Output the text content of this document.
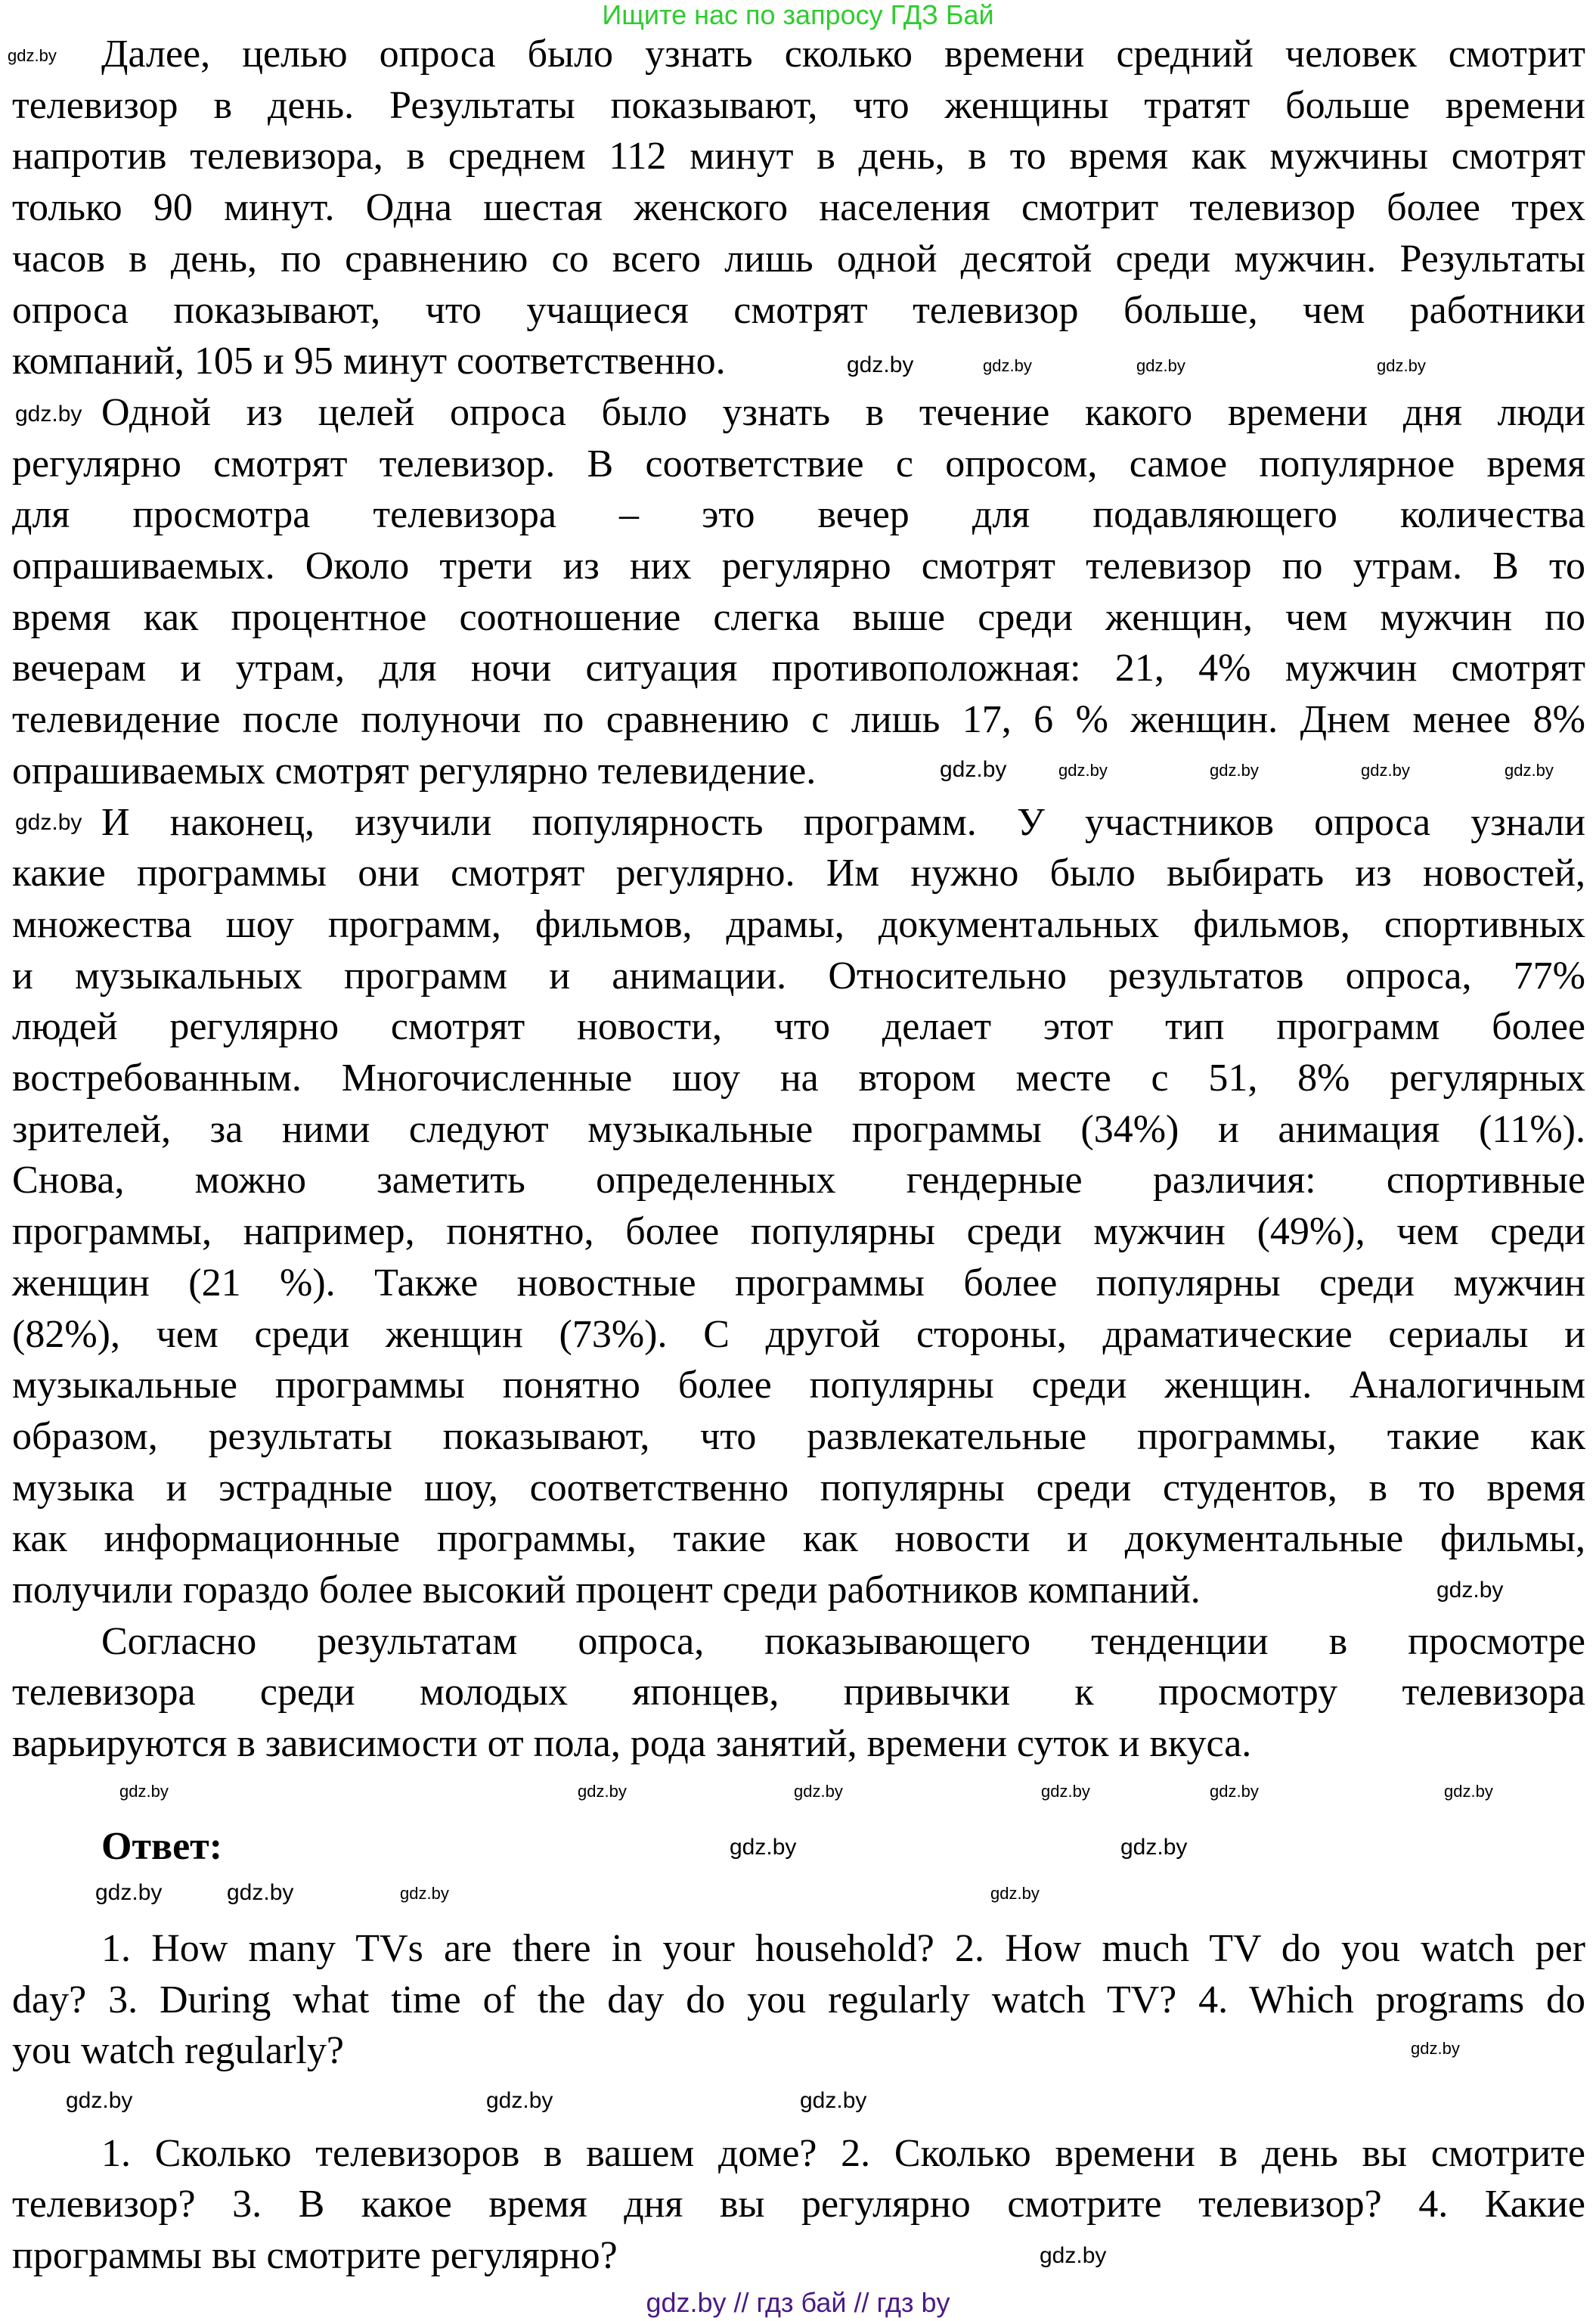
Ищите нас по запросу ГДЗ Бай
Далее, целью опроса было узнать сколько времени средний человек смотрит
телевизор в день. Результаты показывают, что женщины тратят больше времени
напротив телевизора, в среднем 112 минут в день, в то время как мужчины смотрят
только 90 минут. Одна шестая женского населения смотрит телевизор более трех
часов в день, по сравнению со всего лишь одной десятой среди мужчин. Результаты
опроса показывают, что учащиеся смотрят телевизор больше, чем работники
компаний, 105 и 95 минут соответственно.
Одной из целей опроса было узнать в течение какого времени дня люди
регулярно смотрят телевизор. В соответствие с опросом, самое популярное время
для просмотра телевизора – это вечер для подавляющего количества
опрашиваемых. Около трети из них регулярно смотрят телевизор по утрам. В то
время как процентное соотношение слегка выше среди женщин, чем мужчин по
вечерам и утрам, для ночи ситуация противоположная: 21, 4% мужчин смотрят
телевидение после полуночи по сравнению с лишь 17, 6 % женщин. Днем менее 8%
опрашиваемых смотрят регулярно телевидение.
И наконец, изучили популярность программ. У участников опроса узнали
какие программы они смотрят регулярно. Им нужно было выбирать из новостей,
множества шоу программ, фильмов, драмы, документальных фильмов, спортивных
и музыкальных программ и анимации. Относительно результатов опроса, 77%
людей регулярно смотрят новости, что делает этот тип программ более
востребованным. Многочисленные шоу на втором месте с 51, 8% регулярных
зрителей, за ними следуют музыкальные программы (34%) и анимация (11%).
Снова, можно заметить определенных гендерные различия: спортивные
программы, например, понятно, более популярны среди мужчин (49%), чем среди
женщин (21 %). Также новостные программы более популярны среди мужчин
(82%), чем среди женщин (73%). С другой стороны, драматические сериалы и
музыкальные программы понятно более популярны среди женщин. Аналогичным
образом, результаты показывают, что развлекательные программы, такие как
музыка и эстрадные шоу, соответственно популярны среди студентов, в то время
как информационные программы, такие как новости и документальные фильмы,
получили гораздо более высокий процент среди работников компаний.
Согласно результатам опроса, показывающего тенденции в просмотре
телевизора среди молодых японцев, привычки к просмотру телевизора
варьируются в зависимости от пола, рода занятий, времени суток и вкуса.
Ответ:
1. How many TVs are there in your household? 2. How much TV do you watch per
day? 3. During what time of the day do you regularly watch TV? 4. Which programs do
you watch regularly?
1. Сколько телевизоров в вашем доме? 2. Сколько времени в день вы смотрите
телевизор? 3. В какое время дня вы регулярно смотрите телевизор? 4. Какие
программы вы смотрите регулярно?
gdz.by
gdz.by
gdz.by
gdz.by
gdz.by
gdz.by
gdz.by	gdz.by	gdz.by
gdz.by	gdz.by
gdz.by
gdz.by
gdz.by	gdz.by
gdz.by	gdz.by
gdz.by
gdz.by
gdz.by
gdz.by
gdz.by
gdz.by	gdz.by
gdz.by
gdz.by
gdz.by
gdz.by	gdz.by
gdz.by
gdz.by // гдз бай // гдз by
